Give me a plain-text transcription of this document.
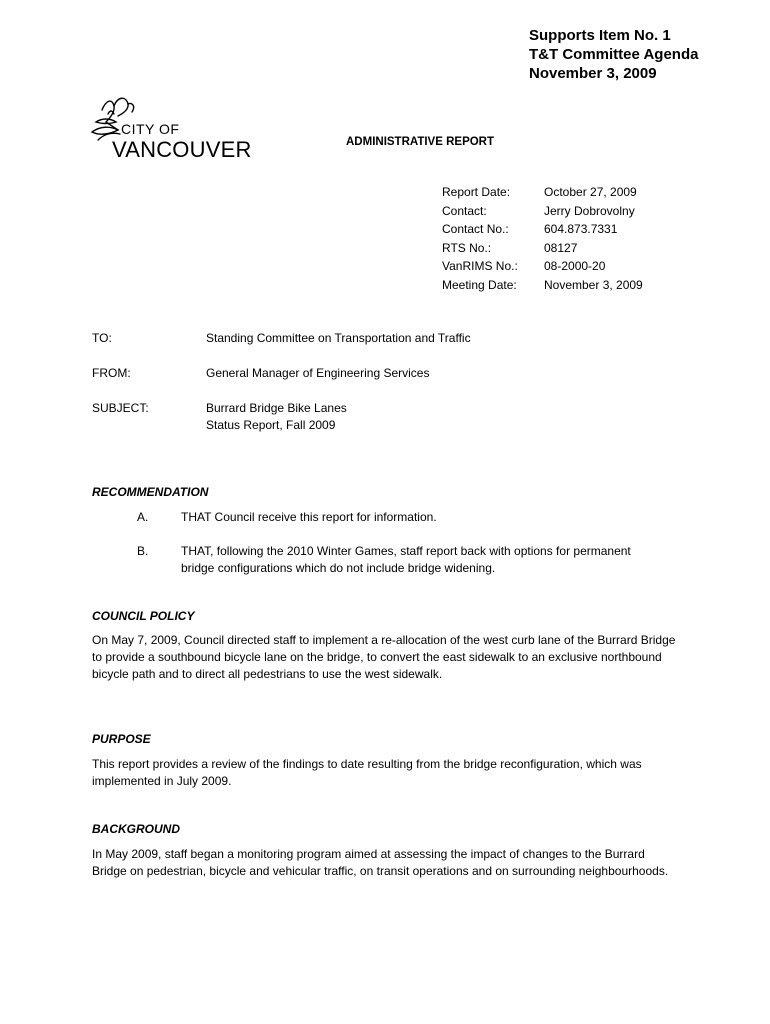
Supports Item No. 1
T&T Committee Agenda
November 3, 2009
CITY OF
VANCOUVER	ADMINISTRATIVE REPORT
Report Date:	October 27, 2009
Contact:	Jerry Dobrovolny
Contact No.:	604.873.7331
RTS No.:	08127
VanRIMS No.:	08-2000-20
Meeting Date:	November 3, 2009
TO:	Standing Committee on Transportation and Traffic
FROM:	General Manager of Engineering Services
SUBJECT:	Burrard Bridge Bike Lanes
Status Report, Fall 2009
RECOMMENDATION
A.	THAT Council receive this report for information.
B.	THAT, following the 2010 Winter Games, staff report back with options for permanent bridge configurations which do not include bridge widening.
COUNCIL POLICY
On May 7, 2009, Council directed staff to implement a re-allocation of the west curb lane of the Burrard Bridge to provide a southbound bicycle lane on the bridge, to convert the east sidewalk to an exclusive northbound bicycle path and to direct all pedestrians to use the west sidewalk.
PURPOSE
This report provides a review of the findings to date resulting from the bridge reconfiguration, which was implemented in July 2009.
BACKGROUND
In May 2009, staff began a monitoring program aimed at assessing the impact of changes to the Burrard Bridge on pedestrian, bicycle and vehicular traffic, on transit operations and on surrounding neighbourhoods.
